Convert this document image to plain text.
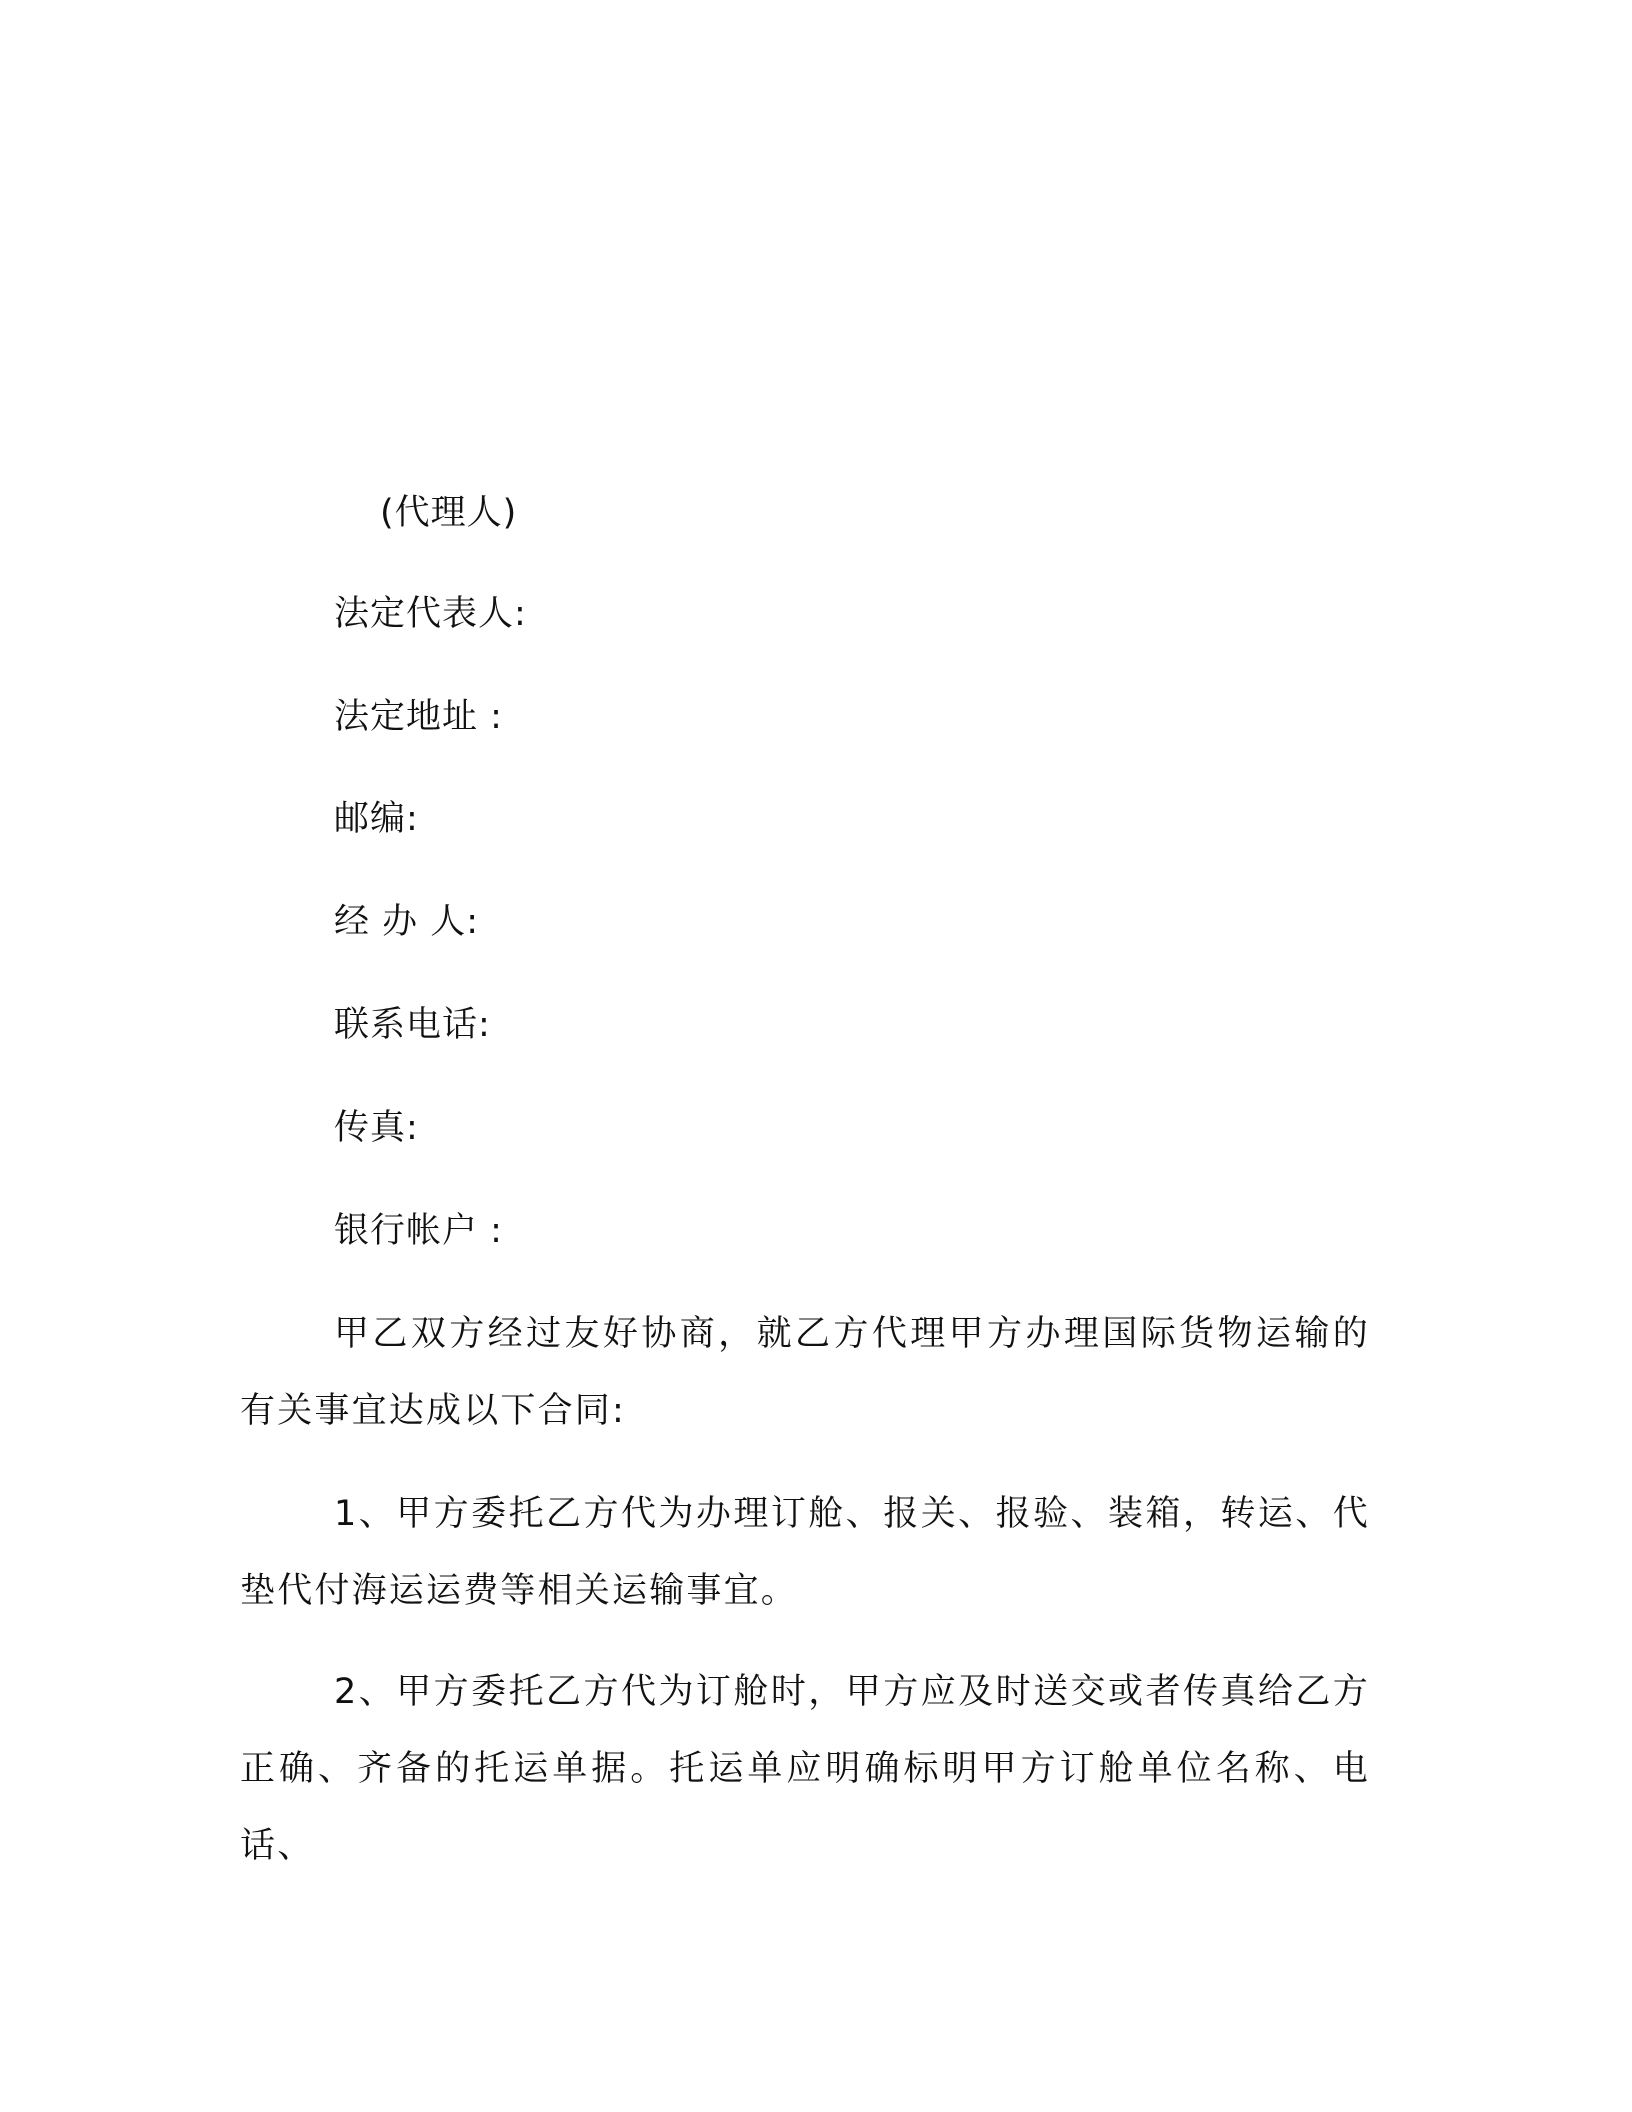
(代理人)
法定代表人:
法定地址 :
邮编:
经 办 人:
联系电话:
传真:
银行帐户 :
甲乙双方经过友好协商，就乙方代理甲方办理国际货物运输的有关事宜达成以下合同:
1、甲方委托乙方代为办理订舱、报关、报验、装箱，转运、代垫代付海运运费等相关运输事宜。
2、甲方委托乙方代为订舱时，甲方应及时送交或者传真给乙方正确、齐备的托运单据。托运单应明确标明甲方订舱单位名称、电话、
